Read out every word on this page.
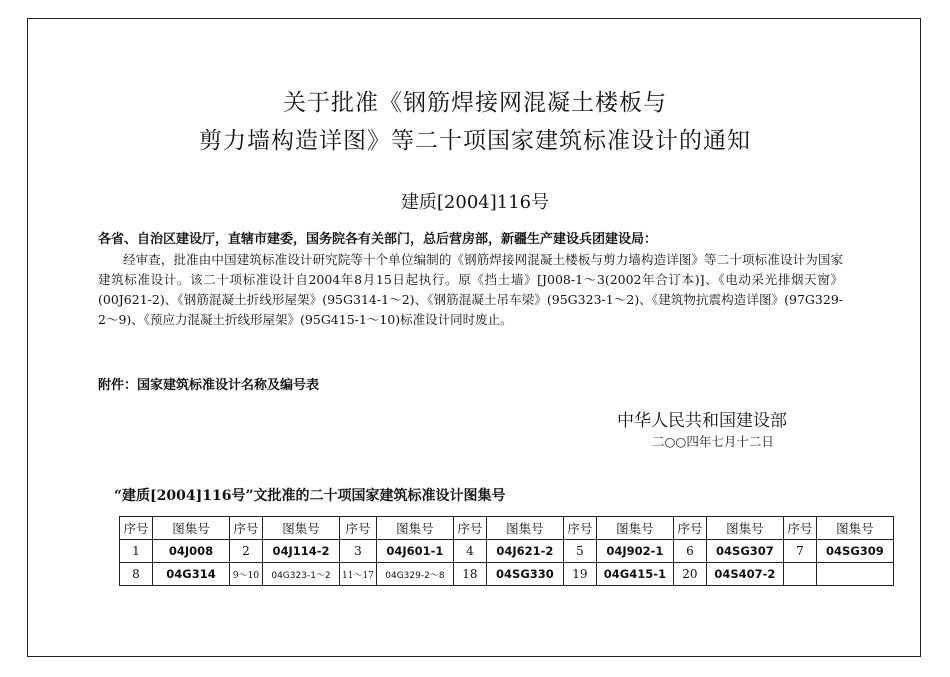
关于批准《钢筋焊接网混凝土楼板与
剪力墙构造详图》等二十项国家建筑标准设计的通知
建质[2004]116号
各省、自治区建设厅，直辖市建委，国务院各有关部门，总后营房部，新疆生产建设兵团建设局：
经审查，批准由中国建筑标准设计研究院等十个单位编制的《钢筋焊接网混凝土楼板与剪力墙构造详图》等二十项标准设计为国家建筑标准设计。该二十项标准设计自2004年8月15日起执行。原《挡土墙》[J008-1～3(2002年合订本)]、《电动采光排烟天窗》(00J621-2)、《钢筋混凝土折线形屋架》(95G314-1～2)、《钢筋混凝土吊车梁》(95G323-1～2)、《建筑物抗震构造详图》(97G329-2～9)、《预应力混凝土折线形屋架》(95G415-1～10)标准设计同时废止。
附件：国家建筑标准设计名称及编号表
中华人民共和国建设部
二○○四年七月十二日
“建质[2004]116号”文批准的二十项国家建筑标准设计图集号
序号	图集号	序号	图集号	序号	图集号	序号	图集号	序号	图集号	序号	图集号	序号	图集号
1	04J008	2	04J114-2	3	04J601-1	4	04J621-2	5	04J902-1	6	04SG307	7	04SG309
8	04G314	9～10	04G323-1～2	11～17	04G329-2～8	18	04SG330	19	04G415-1	20	04S407-2		
